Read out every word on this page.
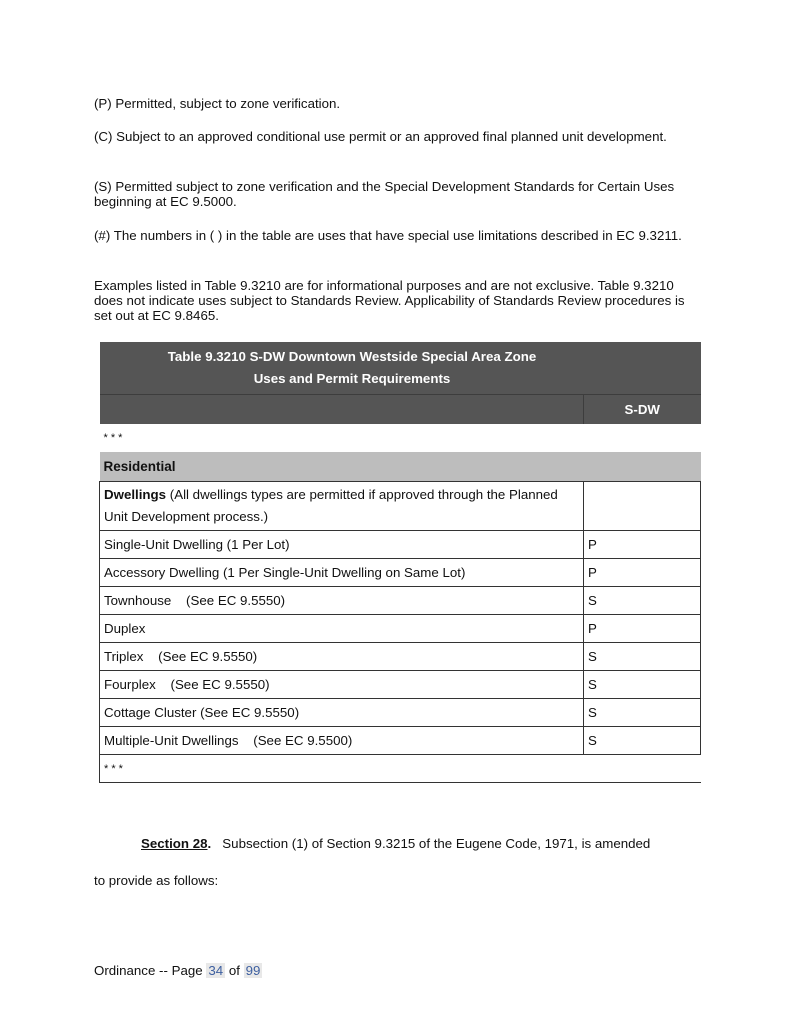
(P) Permitted, subject to zone verification.

(C) Subject to an approved conditional use permit or an approved final planned unit development.

(S) Permitted subject to zone verification and the Special Development Standards for Certain Uses beginning at EC 9.5000.

(#) The numbers in ( ) in the table are uses that have special use limitations described in EC 9.3211.

Examples listed in Table 9.3210 are for informational purposes and are not exclusive. Table 9.3210 does not indicate uses subject to Standards Review. Applicability of Standards Review procedures is set out at EC 9.8465.

Table 9.3210 S-DW Downtown Westside Special Area Zone
Uses and Permit Requirements	

	S-DW
* * *	
Residential	
Dwellings (All dwellings types are permitted if approved through the Planned Unit Development process.)	
Single-Unit Dwelling (1 Per Lot)	P
Accessory Dwelling (1 Per Single-Unit Dwelling on Same Lot)	P
Townhouse    (See EC 9.5550)	S
Duplex	P
Triplex    (See EC 9.5550)	S
Fourplex    (See EC 9.5550)	S
Cottage Cluster (See EC 9.5550)	S
Multiple-Unit Dwellings    (See EC 9.5500)	S
* * *	
Section 28.   Subsection (1) of Section 9.3215 of the Eugene Code, 1971, is amended
to provide as follows:
Ordinance -- Page 34 of 99
